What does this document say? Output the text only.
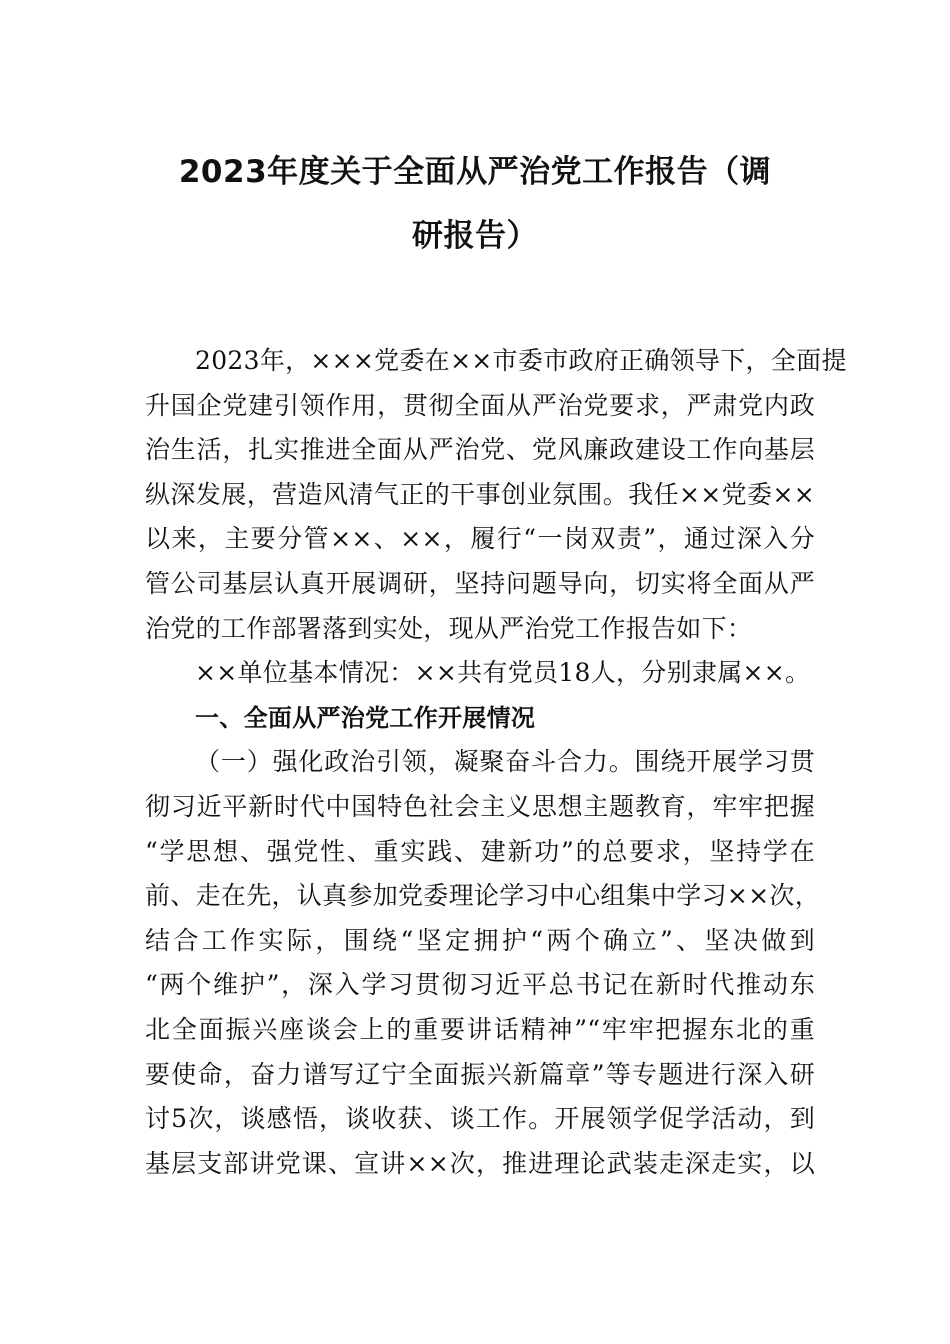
2023年度关于全面从严治党工作报告（调
研报告）
2023年，×××党委在××市委市政府正确领导下，全面提
升国企党建引领作用，贯彻全面从严治党要求，严肃党内政
治生活，扎实推进全面从严治党、党风廉政建设工作向基层
纵深发展，营造风清气正的干事创业氛围。我任××党委××
以来，主要分管××、××，履行“一岗双责”，通过深入分
管公司基层认真开展调研，坚持问题导向，切实将全面从严
治党的工作部署落到实处，现从严治党工作报告如下：
××单位基本情况：××共有党员18人，分别隶属××。
一、全面从严治党工作开展情况
（一）强化政治引领，凝聚奋斗合力。围绕开展学习贯
彻习近平新时代中国特色社会主义思想主题教育，牢牢把握
“学思想、强党性、重实践、建新功”的总要求，坚持学在
前、走在先，认真参加党委理论学习中心组集中学习××次，
结合工作实际，围绕“坚定拥护“两个确立”、坚决做到
“两个维护”，深入学习贯彻习近平总书记在新时代推动东
北全面振兴座谈会上的重要讲话精神”“牢牢把握东北的重
要使命，奋力谱写辽宁全面振兴新篇章”等专题进行深入研
讨5次，谈感悟，谈收获、谈工作。开展领学促学活动，到
基层支部讲党课、宣讲××次，推进理论武装走深走实，以
